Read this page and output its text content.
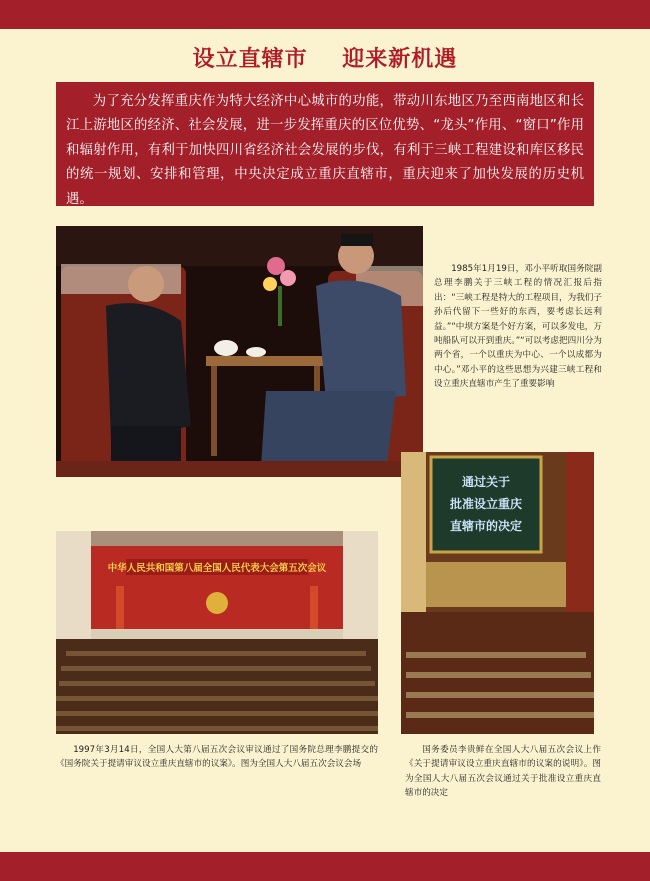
设立直辖市    迎来新机遇
为了充分发挥重庆作为特大经济中心城市的功能，带动川东地区乃至西南地区和长江上游地区的经济、社会发展，进一步发挥重庆的区位优势、“龙头”作用、“窗口”作用和辐射作用，有利于加快四川省经济社会发展的步伐，有利于三峡工程建设和库区移民的统一规划、安排和管理，中央决定成立重庆直辖市，重庆迎来了加快发展的历史机遇。
1985年1月19日，邓小平听取国务院副总理李鹏关于三峡工程的情况汇报后指出：“三峡工程是特大的工程项目，为我们子孙后代留下一些好的东西，要考虑长远利益。”“中坝方案是个好方案，可以多发电，万吨船队可以开到重庆。”“可以考虑把四川分为两个省，一个以重庆为中心、一个以成都为中心。”邓小平的这些思想为兴建三峡工程和设立重庆直辖市产生了重要影响
中华人民共和国第八届全国人民代表大会第五次会议
1997年3月14日，全国人大第八届五次会议审议通过了国务院总理李鹏提交的《国务院关于提请审议设立重庆直辖市的议案》。图为全国人大八届五次会议会场
通过关于
批准设立重庆
直辖市的决定
国务委员李贵鲜在全国人大八届五次会议上作《关于提请审议设立重庆直辖市的议案的说明》。图为全国人大八届五次会议通过关于批准设立重庆直辖市的决定
